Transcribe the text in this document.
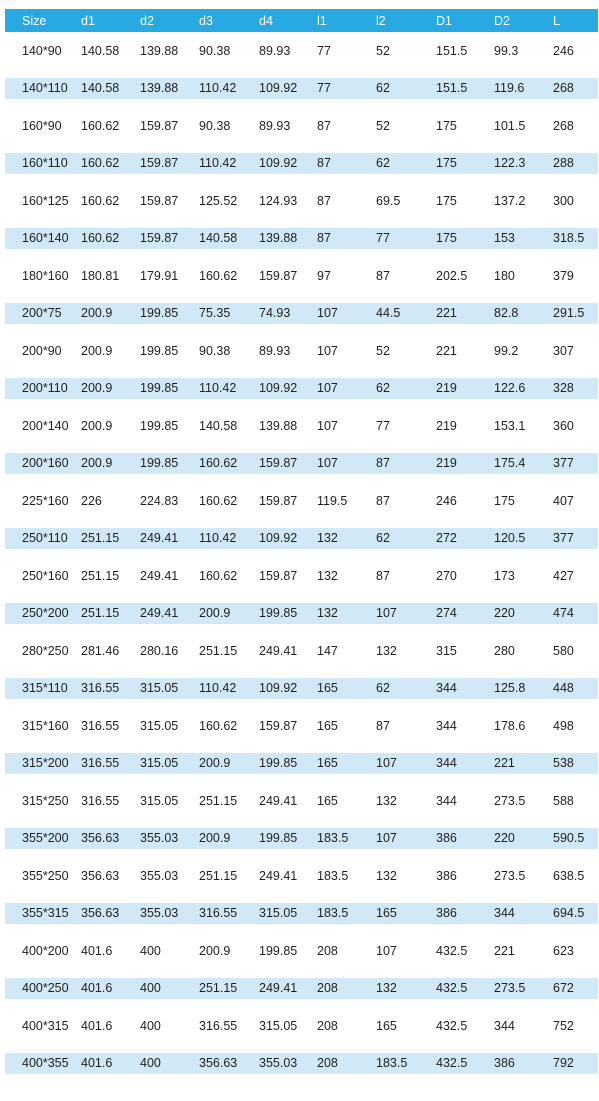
Size	d1	d2	d3	d4	l1	l2	D1	D2	L
140*90	140.58	139.88	90.38	89.93	77	52	151.5	99.3	246
140*110	140.58	139.88	110.42	109.92	77	62	151.5	119.6	268
160*90	160.62	159.87	90.38	89.93	87	52	175	101.5	268
160*110	160.62	159.87	110.42	109.92	87	62	175	122.3	288
160*125	160.62	159.87	125.52	124.93	87	69.5	175	137.2	300
160*140	160.62	159.87	140.58	139.88	87	77	175	153	318.5
180*160	180.81	179.91	160.62	159.87	97	87	202.5	180	379
200*75	200.9	199.85	75.35	74.93	107	44.5	221	82.8	291.5
200*90	200.9	199.85	90.38	89.93	107	52	221	99.2	307
200*110	200.9	199.85	110.42	109.92	107	62	219	122.6	328
200*140	200.9	199.85	140.58	139.88	107	77	219	153.1	360
200*160	200.9	199.85	160.62	159.87	107	87	219	175.4	377
225*160	226	224.83	160.62	159.87	119.5	87	246	175	407
250*110	251.15	249.41	110.42	109.92	132	62	272	120.5	377
250*160	251.15	249.41	160.62	159.87	132	87	270	173	427
250*200	251.15	249.41	200.9	199.85	132	107	274	220	474
280*250	281.46	280.16	251.15	249.41	147	132	315	280	580
315*110	316.55	315.05	110.42	109.92	165	62	344	125.8	448
315*160	316.55	315.05	160.62	159.87	165	87	344	178.6	498
315*200	316.55	315.05	200.9	199.85	165	107	344	221	538
315*250	316.55	315.05	251.15	249.41	165	132	344	273.5	588
355*200	356.63	355.03	200.9	199.85	183.5	107	386	220	590.5
355*250	356.63	355.03	251.15	249.41	183.5	132	386	273.5	638.5
355*315	356.63	355.03	316.55	315.05	183.5	165	386	344	694.5
400*200	401.6	400	200.9	199.85	208	107	432.5	221	623
400*250	401.6	400	251.15	249.41	208	132	432.5	273.5	672
400*315	401.6	400	316.55	315.05	208	165	432.5	344	752
400*355	401.6	400	356.63	355.03	208	183.5	432.5	386	792
